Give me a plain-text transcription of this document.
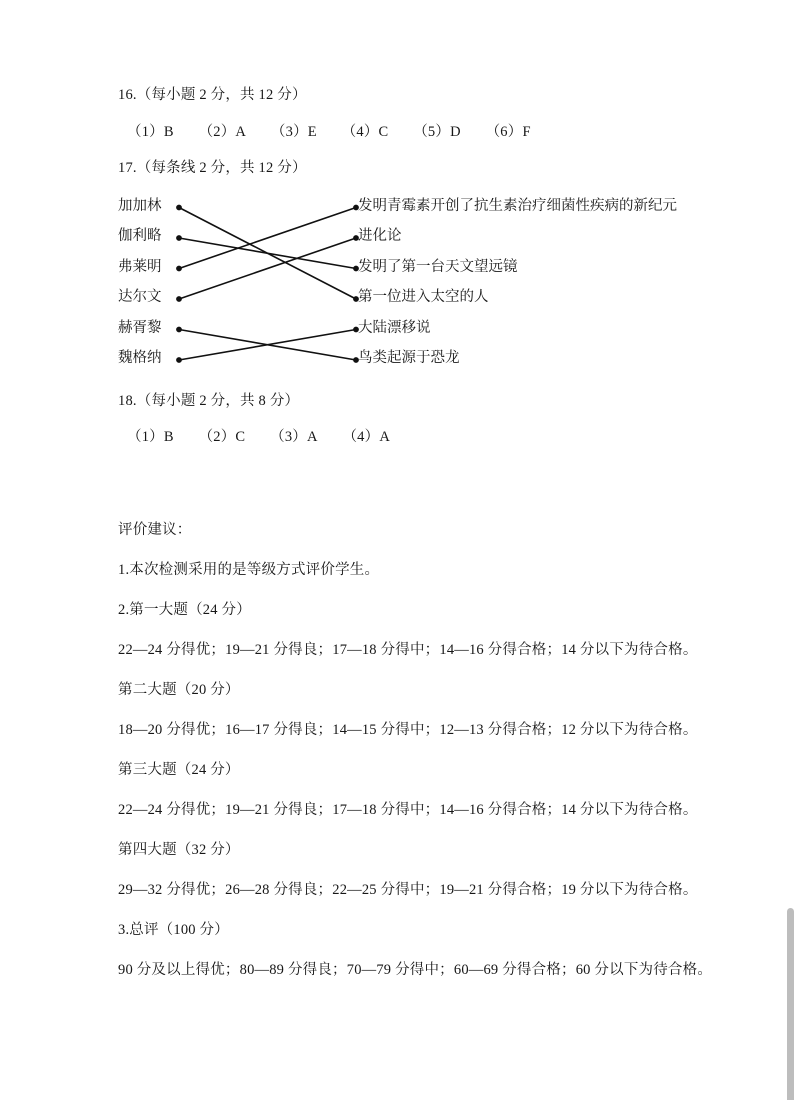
16.（每小题 2 分，共 12 分）
（1）B （2）A （3）E （4）C （5）D （6）F
17.（每条线 2 分，共 12 分）
加加林
伽利略
弗莱明
达尔文
赫胥黎
魏格纳
发明青霉素开创了抗生素治疗细菌性疾病的新纪元
进化论
发明了第一台天文望远镜
第一位进入太空的人
大陆漂移说
鸟类起源于恐龙
18.（每小题 2 分，共 8 分）
（1）B （2）C （3）A （4）A
评价建议：
1.本次检测采用的是等级方式评价学生。
2.第一大题（24 分）
22—24 分得优；19—21 分得良；17—18 分得中；14—16 分得合格；14 分以下为待合格。
第二大题（20 分）
18—20 分得优；16—17 分得良；14—15 分得中；12—13 分得合格；12 分以下为待合格。
第三大题（24 分）
22—24 分得优；19—21 分得良；17—18 分得中；14—16 分得合格；14 分以下为待合格。
第四大题（32 分）
29—32 分得优；26—28 分得良；22—25 分得中；19—21 分得合格；19 分以下为待合格。
3.总评（100 分）
90 分及以上得优；80—89 分得良；70—79 分得中；60—69 分得合格；60 分以下为待合格。
